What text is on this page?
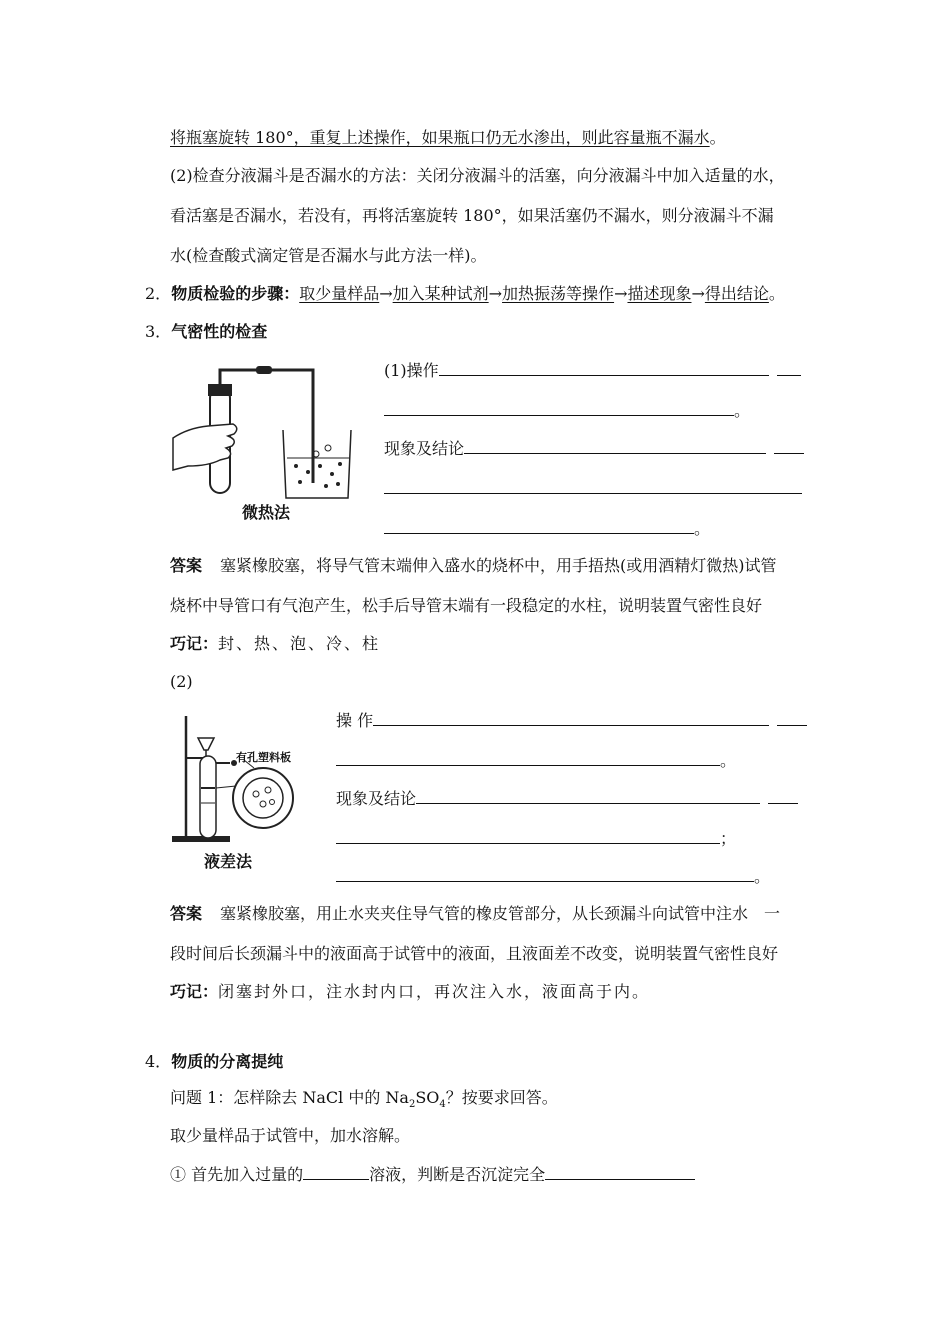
将瓶塞旋转 180°，重复上述操作，如果瓶口仍无水渗出，则此容量瓶不漏水。
(2)检查分液漏斗是否漏水的方法：关闭分液漏斗的活塞，向分液漏斗中加入适量的水，
看活塞是否漏水，若没有，再将活塞旋转 180°，如果活塞仍不漏水，则分液漏斗不漏
水(检查酸式滴定管是否漏水与此方法一样)。
2．物质检验的步骤：取少量样品→加入某种试剂→加热振荡等操作→描述现象→得出结论。
3．气密性的检查
微热法
(1)操作
。
现象及结论
。
答案 塞紧橡胶塞，将导气管末端伸入盛水的烧杯中，用手捂热(或用酒精灯微热)试管
烧杯中导管口有气泡产生，松手后导管末端有一段稳定的水柱，说明装置气密性良好
巧记：封、热、泡、冷、柱
(2)
有孔塑料板
液差法
操 作
。
现象及结论
；
。
答案 塞紧橡胶塞，用止水夹夹住导气管的橡皮管部分，从长颈漏斗向试管中注水　一
段时间后长颈漏斗中的液面高于试管中的液面，且液面差不改变，说明装置气密性良好
巧记：闭塞封外口，注水封内口，再次注入水，液面高于内。
4．物质的分离提纯
问题 1：怎样除去 NaCl 中的 $Na_2SO_4$？按要求回答。
取少量样品于试管中，加水溶解。
① 首先加入过量的	溶液，判断是否沉淀完全
